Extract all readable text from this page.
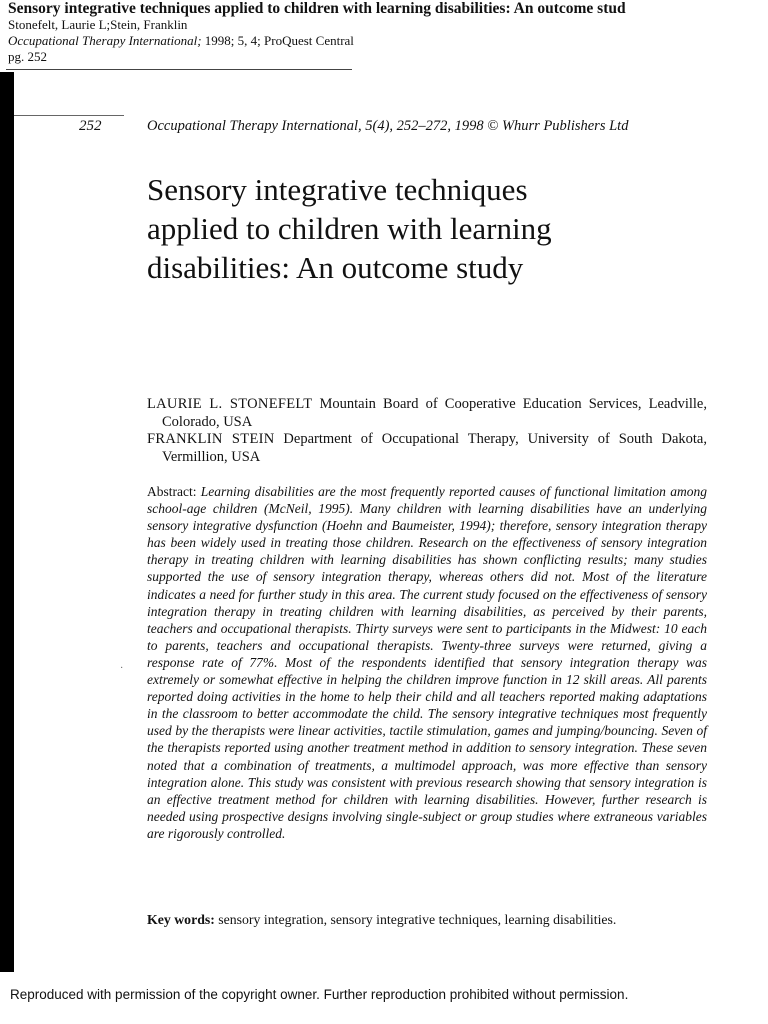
Sensory integrative techniques applied to children with learning disabilities: An outcome stud
Stonefelt, Laurie L;Stein, Franklin
Occupational Therapy International; 1998; 5, 4; ProQuest Central
pg. 252
·
252	Occupational Therapy International, 5(4), 252–272, 1998 © Whurr Publishers Ltd
Sensory integrative techniques
applied to children with learning
disabilities: An outcome study
LAURIE L. STONEFELT Mountain Board of Cooperative Education Services, Leadville, Colorado, USA
FRANKLIN STEIN Department of Occupational Therapy, University of South Dakota, Vermillion, USA
Abstract: Learning disabilities are the most frequently reported causes of functional limitation among school-age children (McNeil, 1995). Many children with learning disabilities have an underlying sensory integrative dysfunction (Hoehn and Baumeister, 1994); therefore, sensory integration therapy has been widely used in treating those children. Research on the effectiveness of sensory integration therapy in treating children with learning disabilities has shown conflicting results; many studies supported the use of sensory integration therapy, whereas others did not. Most of the literature indicates a need for further study in this area. The current study focused on the effectiveness of sensory integration therapy in treating children with learning disabilities, as perceived by their parents, teachers and occupational therapists. Thirty surveys were sent to participants in the Midwest: 10 each to parents, teachers and occupational therapists. Twenty-three surveys were returned, giving a response rate of 77%. Most of the respondents identified that sensory integration therapy was extremely or somewhat effective in helping the children improve function in 12 skill areas. All parents reported doing activities in the home to help their child and all teachers reported making adaptations in the classroom to better accommodate the child. The sensory integrative techniques most frequently used by the therapists were linear activities, tactile stimulation, games and jumping/bouncing. Seven of the therapists reported using another treatment method in addition to sensory integration. These seven noted that a combination of treatments, a multimodel approach, was more effective than sensory integration alone. This study was consistent with previous research showing that sensory integration is an effective treatment method for children with learning disabilities. However, further research is needed using prospective designs involving single-subject or group studies where extraneous variables are rigorously controlled.
Key words: sensory integration, sensory integrative techniques, learning disabilities.
Reproduced with permission of the copyright owner. Further reproduction prohibited without permission.
